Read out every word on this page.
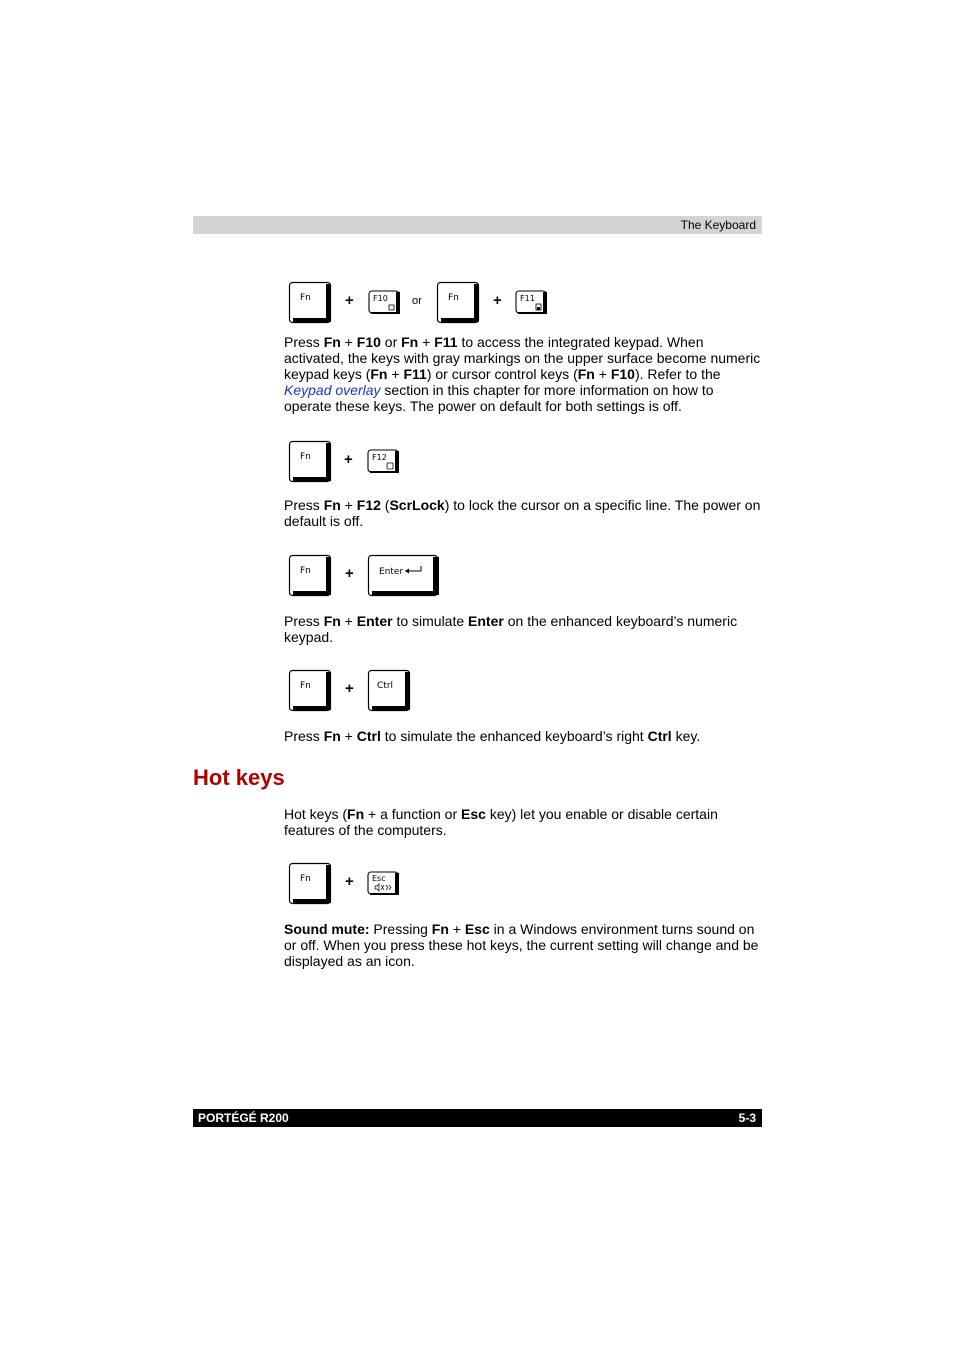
The Keyboard
Fn + F10 or	Fn + F11

Press Fn + F10 or Fn + F11 to access the integrated keypad. When activated, the keys with gray markings on the upper surface become numeric keypad keys (Fn + F11) or cursor control keys (Fn + F10). Refer to the Keypad overlay section in this chapter for more information on how to operate these keys. The power on default for both settings is off.

Fn + F12

Press Fn + F12 (ScrLock) to lock the cursor on a specific line. The power on default is off.

Fn +	Enter

Press Fn + Enter to simulate Enter on the enhanced keyboard’s numeric keypad.

Fn +	Ctrl

Press Fn + Ctrl to simulate the enhanced keyboard’s right Ctrl key.

Hot keys

Hot keys (Fn + a function or Esc key) let you enable or disable certain features of the computers.

Fn + Esc

Sound mute: Pressing Fn + Esc in a Windows environment turns sound on or off. When you press these hot keys, the current setting will change and be displayed as an icon.

PORTÉGÉ R200	5-3
